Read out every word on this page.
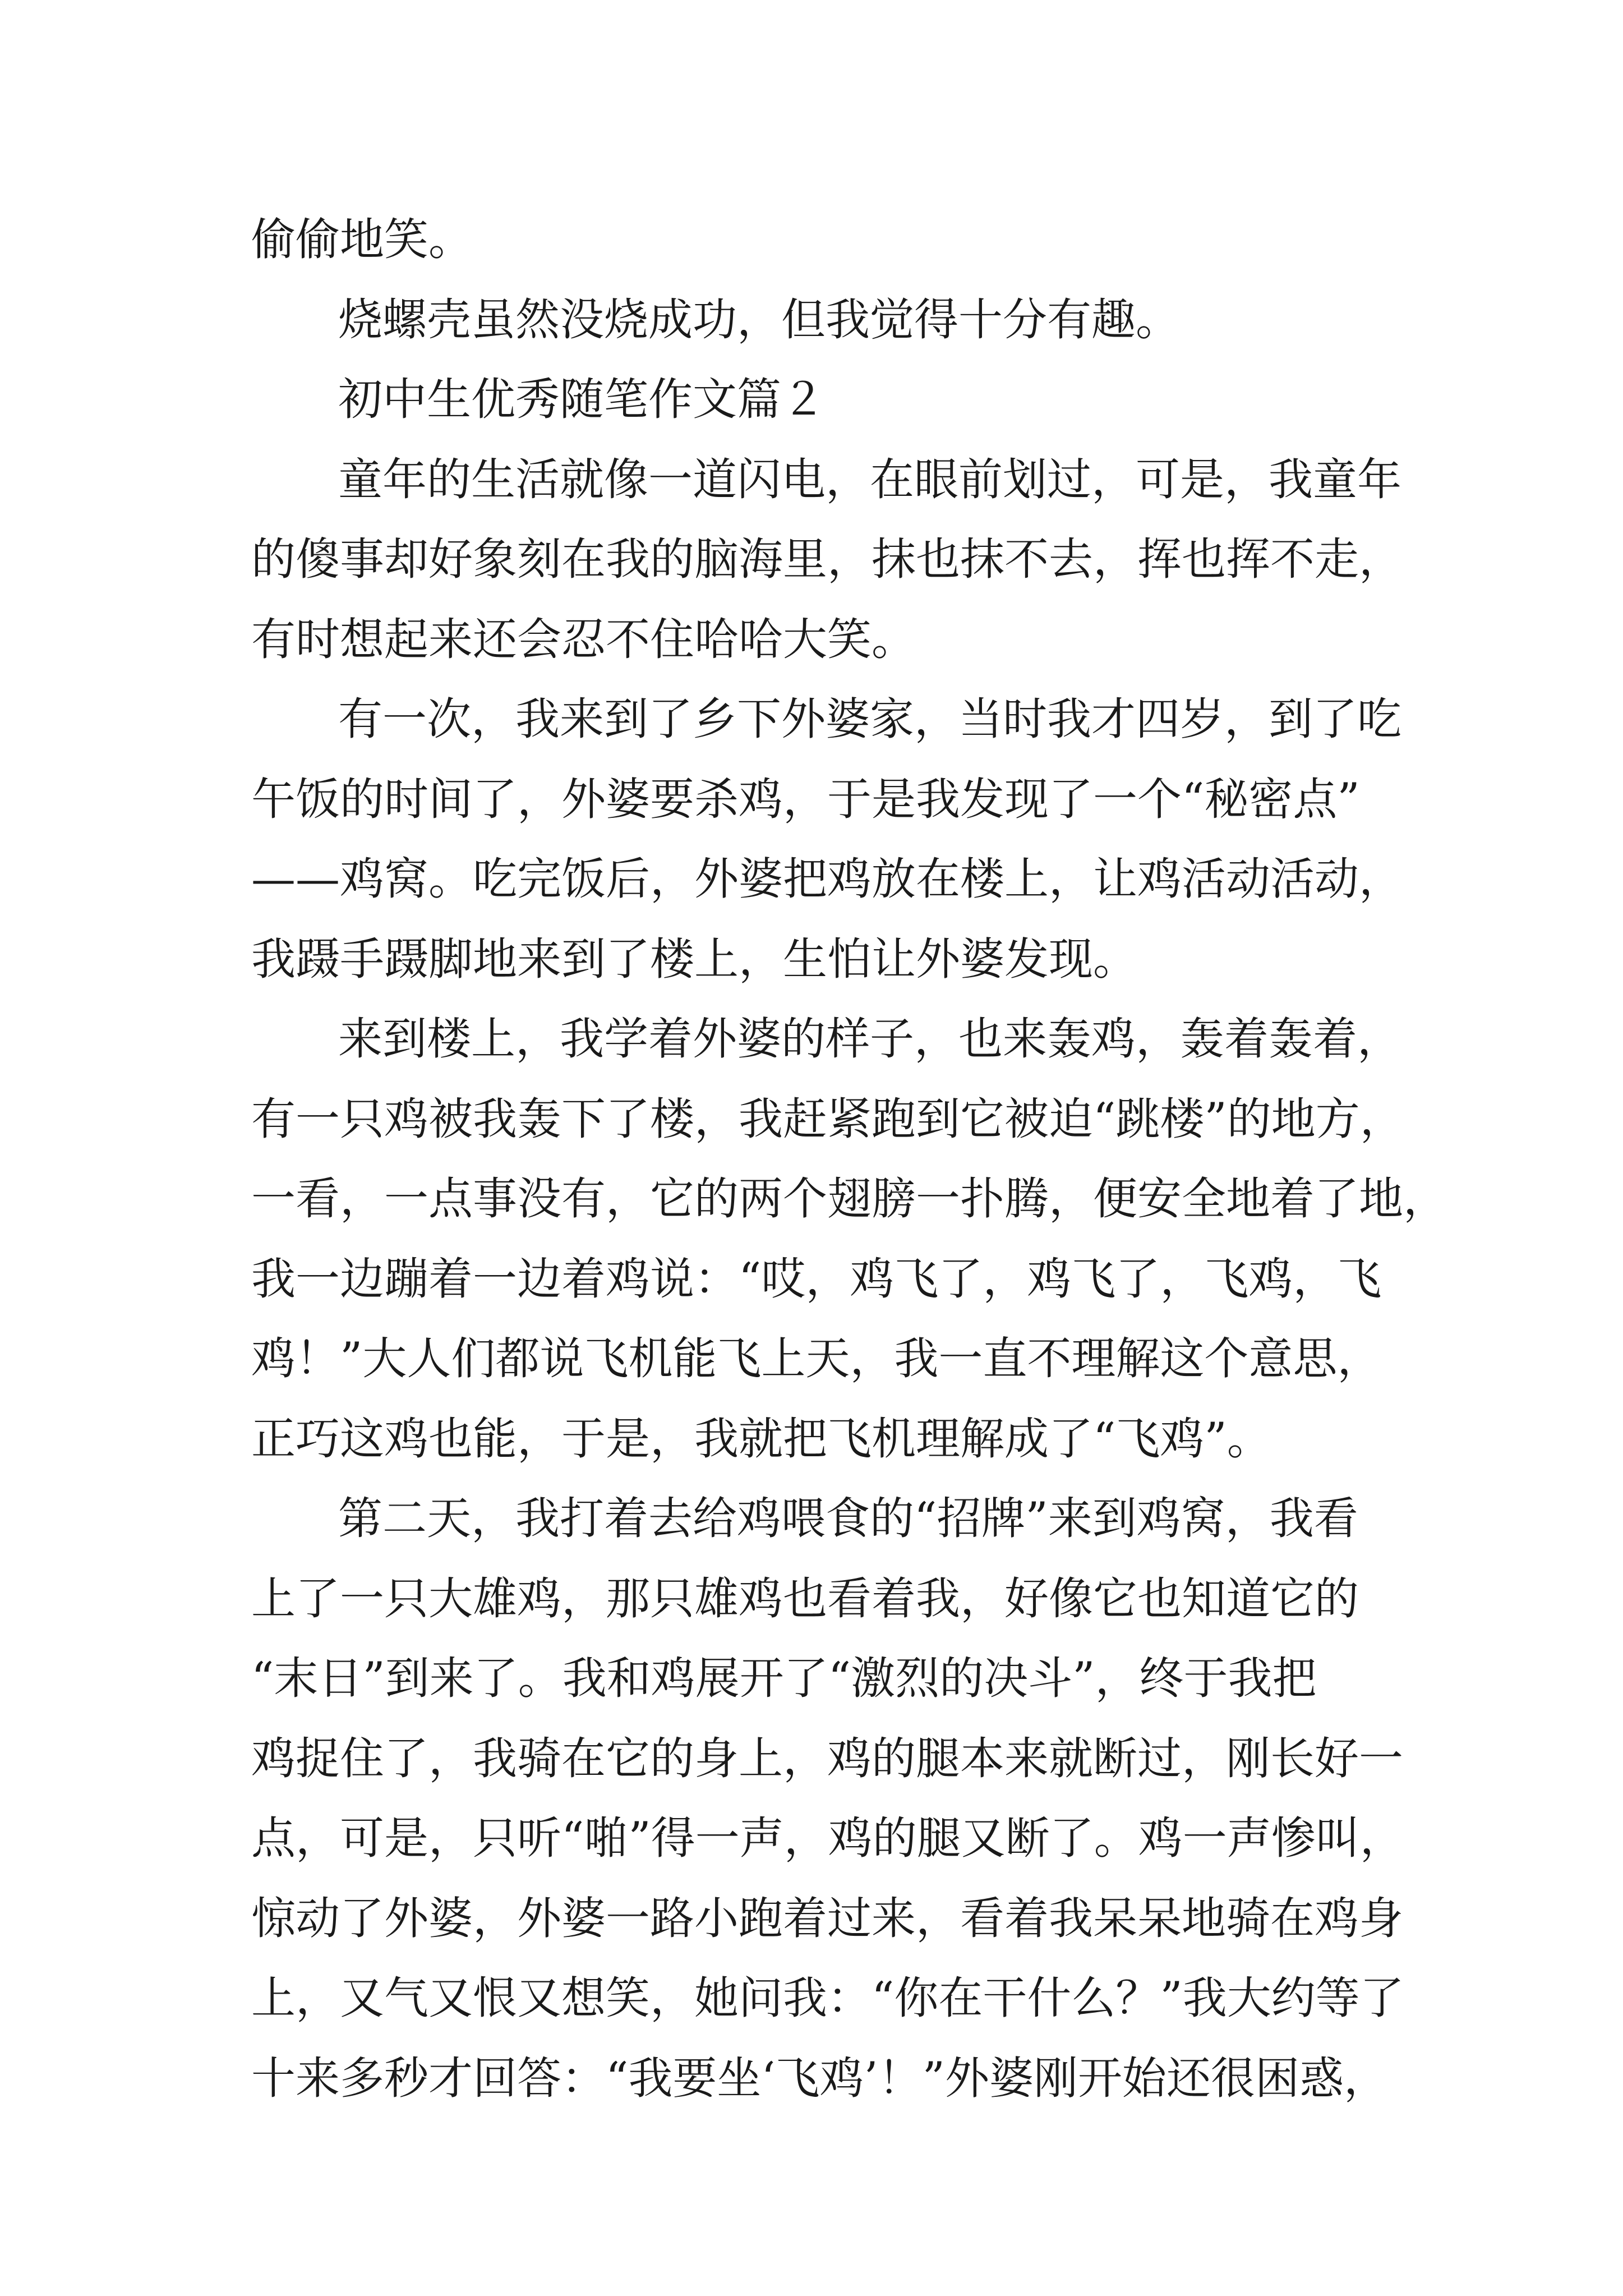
偷偷地笑。

烧螺壳虽然没烧成功，但我觉得十分有趣。

初中生优秀随笔作文篇２

童年的生活就像一道闪电，在眼前划过，可是，我童年
的傻事却好象刻在我的脑海里，抹也抹不去，挥也挥不走，
有时想起来还会忍不住哈哈大笑。

有一次，我来到了乡下外婆家，当时我才四岁，到了吃
午饭的时间了，外婆要杀鸡，于是我发现了一个“秘密点”
——鸡窝。吃完饭后，外婆把鸡放在楼上，让鸡活动活动，
我蹑手蹑脚地来到了楼上，生怕让外婆发现。

来到楼上，我学着外婆的样子，也来轰鸡，轰着轰着，
有一只鸡被我轰下了楼，我赶紧跑到它被迫“跳楼”的地方，
一看，一点事没有，它的两个翅膀一扑腾，便安全地着了地，
我一边蹦着一边着鸡说：“哎，鸡飞了，鸡飞了，飞鸡，飞
鸡！”大人们都说飞机能飞上天，我一直不理解这个意思，
正巧这鸡也能，于是，我就把飞机理解成了“飞鸡”。

第二天，我打着去给鸡喂食的“招牌”来到鸡窝，我看
上了一只大雄鸡，那只雄鸡也看着我，好像它也知道它的
“末日”到来了。我和鸡展开了“激烈的决斗”，终于我把
鸡捉住了，我骑在它的身上，鸡的腿本来就断过，刚长好一
点，可是，只听“啪”得一声，鸡的腿又断了。鸡一声惨叫，
惊动了外婆，外婆一路小跑着过来，看着我呆呆地骑在鸡身
上，又气又恨又想笑，她问我：“你在干什么？”我大约等了
十来多秒才回答：“我要坐‘飞鸡’！”外婆刚开始还很困惑，
